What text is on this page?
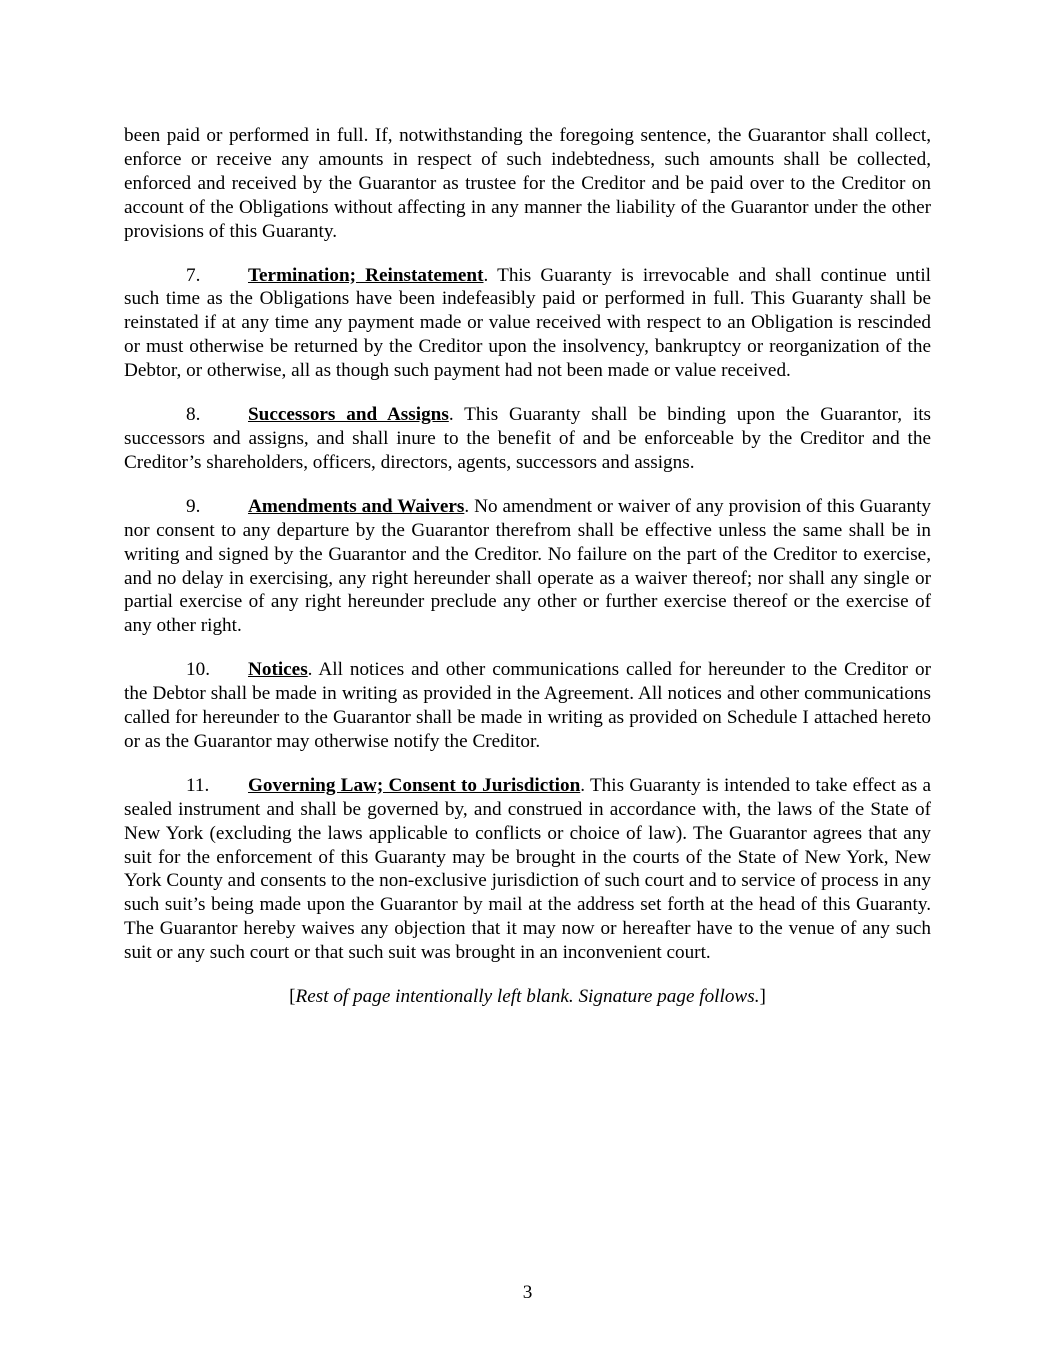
been paid or performed in full. If, notwithstanding the foregoing sentence, the Guarantor shall collect, enforce or receive any amounts in respect of such indebtedness, such amounts shall be collected, enforced and received by the Guarantor as trustee for the Creditor and be paid over to the Creditor on account of the Obligations without affecting in any manner the liability of the Guarantor under the other provisions of this Guaranty.

7. Termination; Reinstatement. This Guaranty is irrevocable and shall continue until such time as the Obligations have been indefeasibly paid or performed in full. This Guaranty shall be reinstated if at any time any payment made or value received with respect to an Obligation is rescinded or must otherwise be returned by the Creditor upon the insolvency, bankruptcy or reorganization of the Debtor, or otherwise, all as though such payment had not been made or value received.

8. Successors and Assigns. This Guaranty shall be binding upon the Guarantor, its successors and assigns, and shall inure to the benefit of and be enforceable by the Creditor and the Creditor’s shareholders, officers, directors, agents, successors and assigns.

9. Amendments and Waivers. No amendment or waiver of any provision of this Guaranty nor consent to any departure by the Guarantor therefrom shall be effective unless the same shall be in writing and signed by the Guarantor and the Creditor. No failure on the part of the Creditor to exercise, and no delay in exercising, any right hereunder shall operate as a waiver thereof; nor shall any single or partial exercise of any right hereunder preclude any other or further exercise thereof or the exercise of any other right.

10. Notices. All notices and other communications called for hereunder to the Creditor or the Debtor shall be made in writing as provided in the Agreement. All notices and other communications called for hereunder to the Guarantor shall be made in writing as provided on Schedule I attached hereto or as the Guarantor may otherwise notify the Creditor.

11. Governing Law; Consent to Jurisdiction. This Guaranty is intended to take effect as a sealed instrument and shall be governed by, and construed in accordance with, the laws of the State of New York (excluding the laws applicable to conflicts or choice of law). The Guarantor agrees that any suit for the enforcement of this Guaranty may be brought in the courts of the State of New York, New York County and consents to the non-exclusive jurisdiction of such court and to service of process in any such suit’s being made upon the Guarantor by mail at the address set forth at the head of this Guaranty. The Guarantor hereby waives any objection that it may now or hereafter have to the venue of any such suit or any such court or that such suit was brought in an inconvenient court.

[Rest of page intentionally left blank. Signature page follows.]

3
